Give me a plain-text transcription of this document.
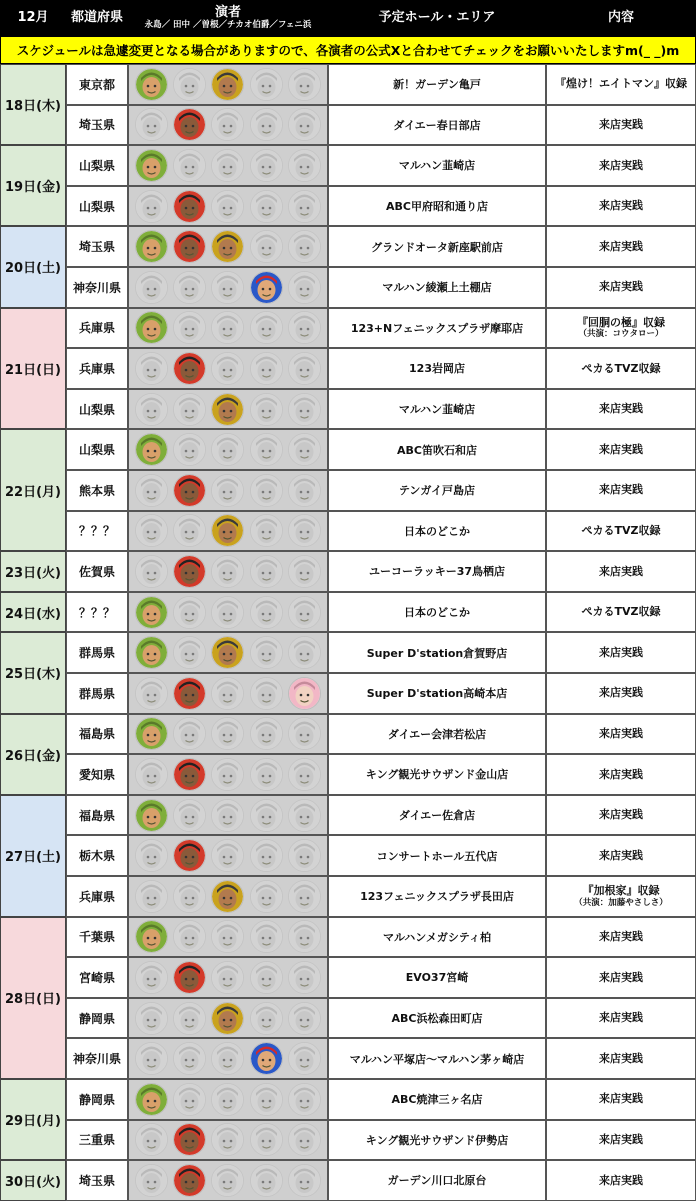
12月	都道府県	演者
永島／ 田中 ／曽根／チカオ伯爵／フェニ浜
予定ホール・エリア	内容
スケジュールは急遽変更となる場合がありますので、各演者の公式Xと合わせてチェックをお願いいたしますm(_ _)m
18日(木)
東京都	新！ガーデン亀戸	『煌け！エイトマン』収録
埼玉県	ダイエー春日部店	来店実践
19日(金)
山梨県	マルハン韮崎店	来店実践
山梨県	ABC甲府昭和通り店	来店実践
20日(土)
埼玉県	グランドオータ新座駅前店	来店実践
神奈川県	マルハン綾瀬上土棚店	来店実践
21日(日)
兵庫県	123+Nフェニックスプラザ摩耶店	『回胴の極』収録
（共演：コウタロー）
兵庫県	123岩岡店	ぺカるTVZ収録
山梨県	マルハン韮崎店	来店実践
22日(月)
山梨県	ABC笛吹石和店	来店実践
熊本県	テンガイ戸島店	来店実践
？？？	日本のどこか	ぺカるTVZ収録
23日(火)	佐賀県	ユーコーラッキー37鳥栖店	来店実践
24日(水)	？？？	日本のどこか	ぺカるTVZ収録
25日(木)
群馬県	Super D'station倉賀野店	来店実践
群馬県	Super D'station高崎本店	来店実践
26日(金)
福島県	ダイエー会津若松店	来店実践
愛知県	キング観光サウザンド金山店	来店実践
27日(土)
福島県	ダイエー佐倉店	来店実践
栃木県	コンサートホール五代店	来店実践
兵庫県	123フェニックスプラザ長田店	『加根家』収録
（共演：加藤やさしさ）
28日(日)
千葉県	マルハンメガシティ柏	来店実践
宮崎県	EVO37宮崎	来店実践
静岡県	ABC浜松森田町店	来店実践
神奈川県	マルハン平塚店〜マルハン茅ヶ崎店	来店実践
29日(月)
静岡県	ABC焼津三ヶ名店	来店実践
三重県	キング観光サウザンド伊勢店	来店実践
30日(火)	埼玉県	ガーデン川口北原台	来店実践
